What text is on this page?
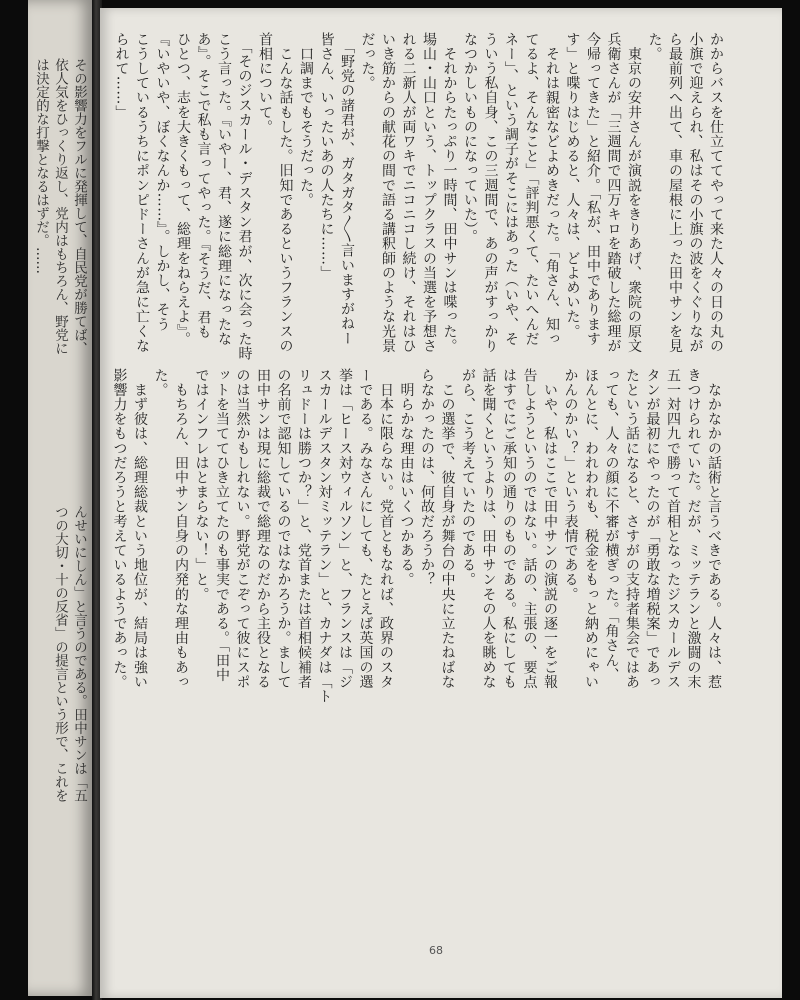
その影響力をフルに発揮して、自民党が勝てば、
依人気をひっくり返し、党内はもちろん、野党に
は決定的な打撃となるはずだ。……
んせいにしん」と言うのである。田中サンは「五
つの大切・十の反省」の提言という形で、これを

かからバスを仕立ててやって来た人々の日の丸の

小旗で迎えられ、私はその小旗の波をくぐりなが

ら最前列へ出て、車の屋根に上った田中サンを見

た。

　東京の安井さんが演説をきりあげ、衆院の原文

兵衛さんが「三週間で四万キロを踏破した総理が

今帰ってきた」と紹介。「私が、田中であります

す」と喋りはじめると、人々は、どよめいた。

　それは親密などよめきだった。「角さん、知っ

てるよ、そんなこと」「評判悪くて、たいへんだ

ネー」、という調子がそこにはあった（いや、そ

ういう私自身、この三週間で、あの声がすっかり

なつかしいものになっていた）。

　それからたっぷり一時間、田中サンは喋った。

場山・山口という、トップクラスの当選を予想さ

れる二新人が両ワキでニコニコし続け、それはひ

いき筋からの献花の間で語る講釈師のような光景

だった。

　「野党の諸君が、ガタガタ〳〵言いますがねー

皆さん、いったいあの人たちに……」

　口調までもそうだった。

　こんな話もした。旧知であるというフランスの

首相について。

　「そのジスカール・デスタン君が、次に会った時

こう言った。『いやー、君、遂に総理になったな

あ』。そこで私も言ってやった。『そうだ、君も

ひとつ、志を大きくもって、総理をねらえよ』。

『いやいや、ぼくなんか……』。しかし、そう

こうしているうちにポンピドーさんが急に亡くな

られて……」

　なかなかの話術と言うべきである。人々は、惹

きつけられていた。だが、ミッテランと激闘の末

五一対四九で勝って首相となったジスカールデス

タンが最初にやったのが「勇敢な増税案」であっ

たという話になると、さすがの支持者集会ではあ

っても、人々の顔に不審が横ぎった。「角さん、

ほんとに、われわれも、税金をもっと納めにゃい

かんのかい？」という表情である。

　いや、私はここで田中サンの演説の逐一をご報

告しようというのではない。話の、主張の、要点

はすでにご承知の通りのものである。私にしても

話を聞くというよりは、田中サンその人を眺めな

がら、こう考えていたのである。

　この選挙で、彼自身が舞台の中央に立たねばな

らなかったのは、何故だろうか？

　明らかな理由はいくつかある。

　日本に限らない。党首ともなれば、政界のスタ

ーである。みなさんにしても、たとえば英国の選

挙は「ヒース対ウィルソン」と、フランスは「ジ

スカールデスタン対ミッテラン」と、カナダは「ト

リュドーは勝つか？」と、党首または首相候補者

の名前で認知しているのではなかろうか。まして

田中サンは現に総裁で総理なのだから主役となる

のは当然かもしれない。野党がこぞって彼にスポ

ットを当ててひき立てたのも事実である。「田中

ではインフレはとまらない！」と。

　もちろん、田中サン自身の内発的な理由もあっ

た。

　まず彼は、総理総裁という地位が、結局は強い

影響力をもつだろうと考えているようであった。

68
